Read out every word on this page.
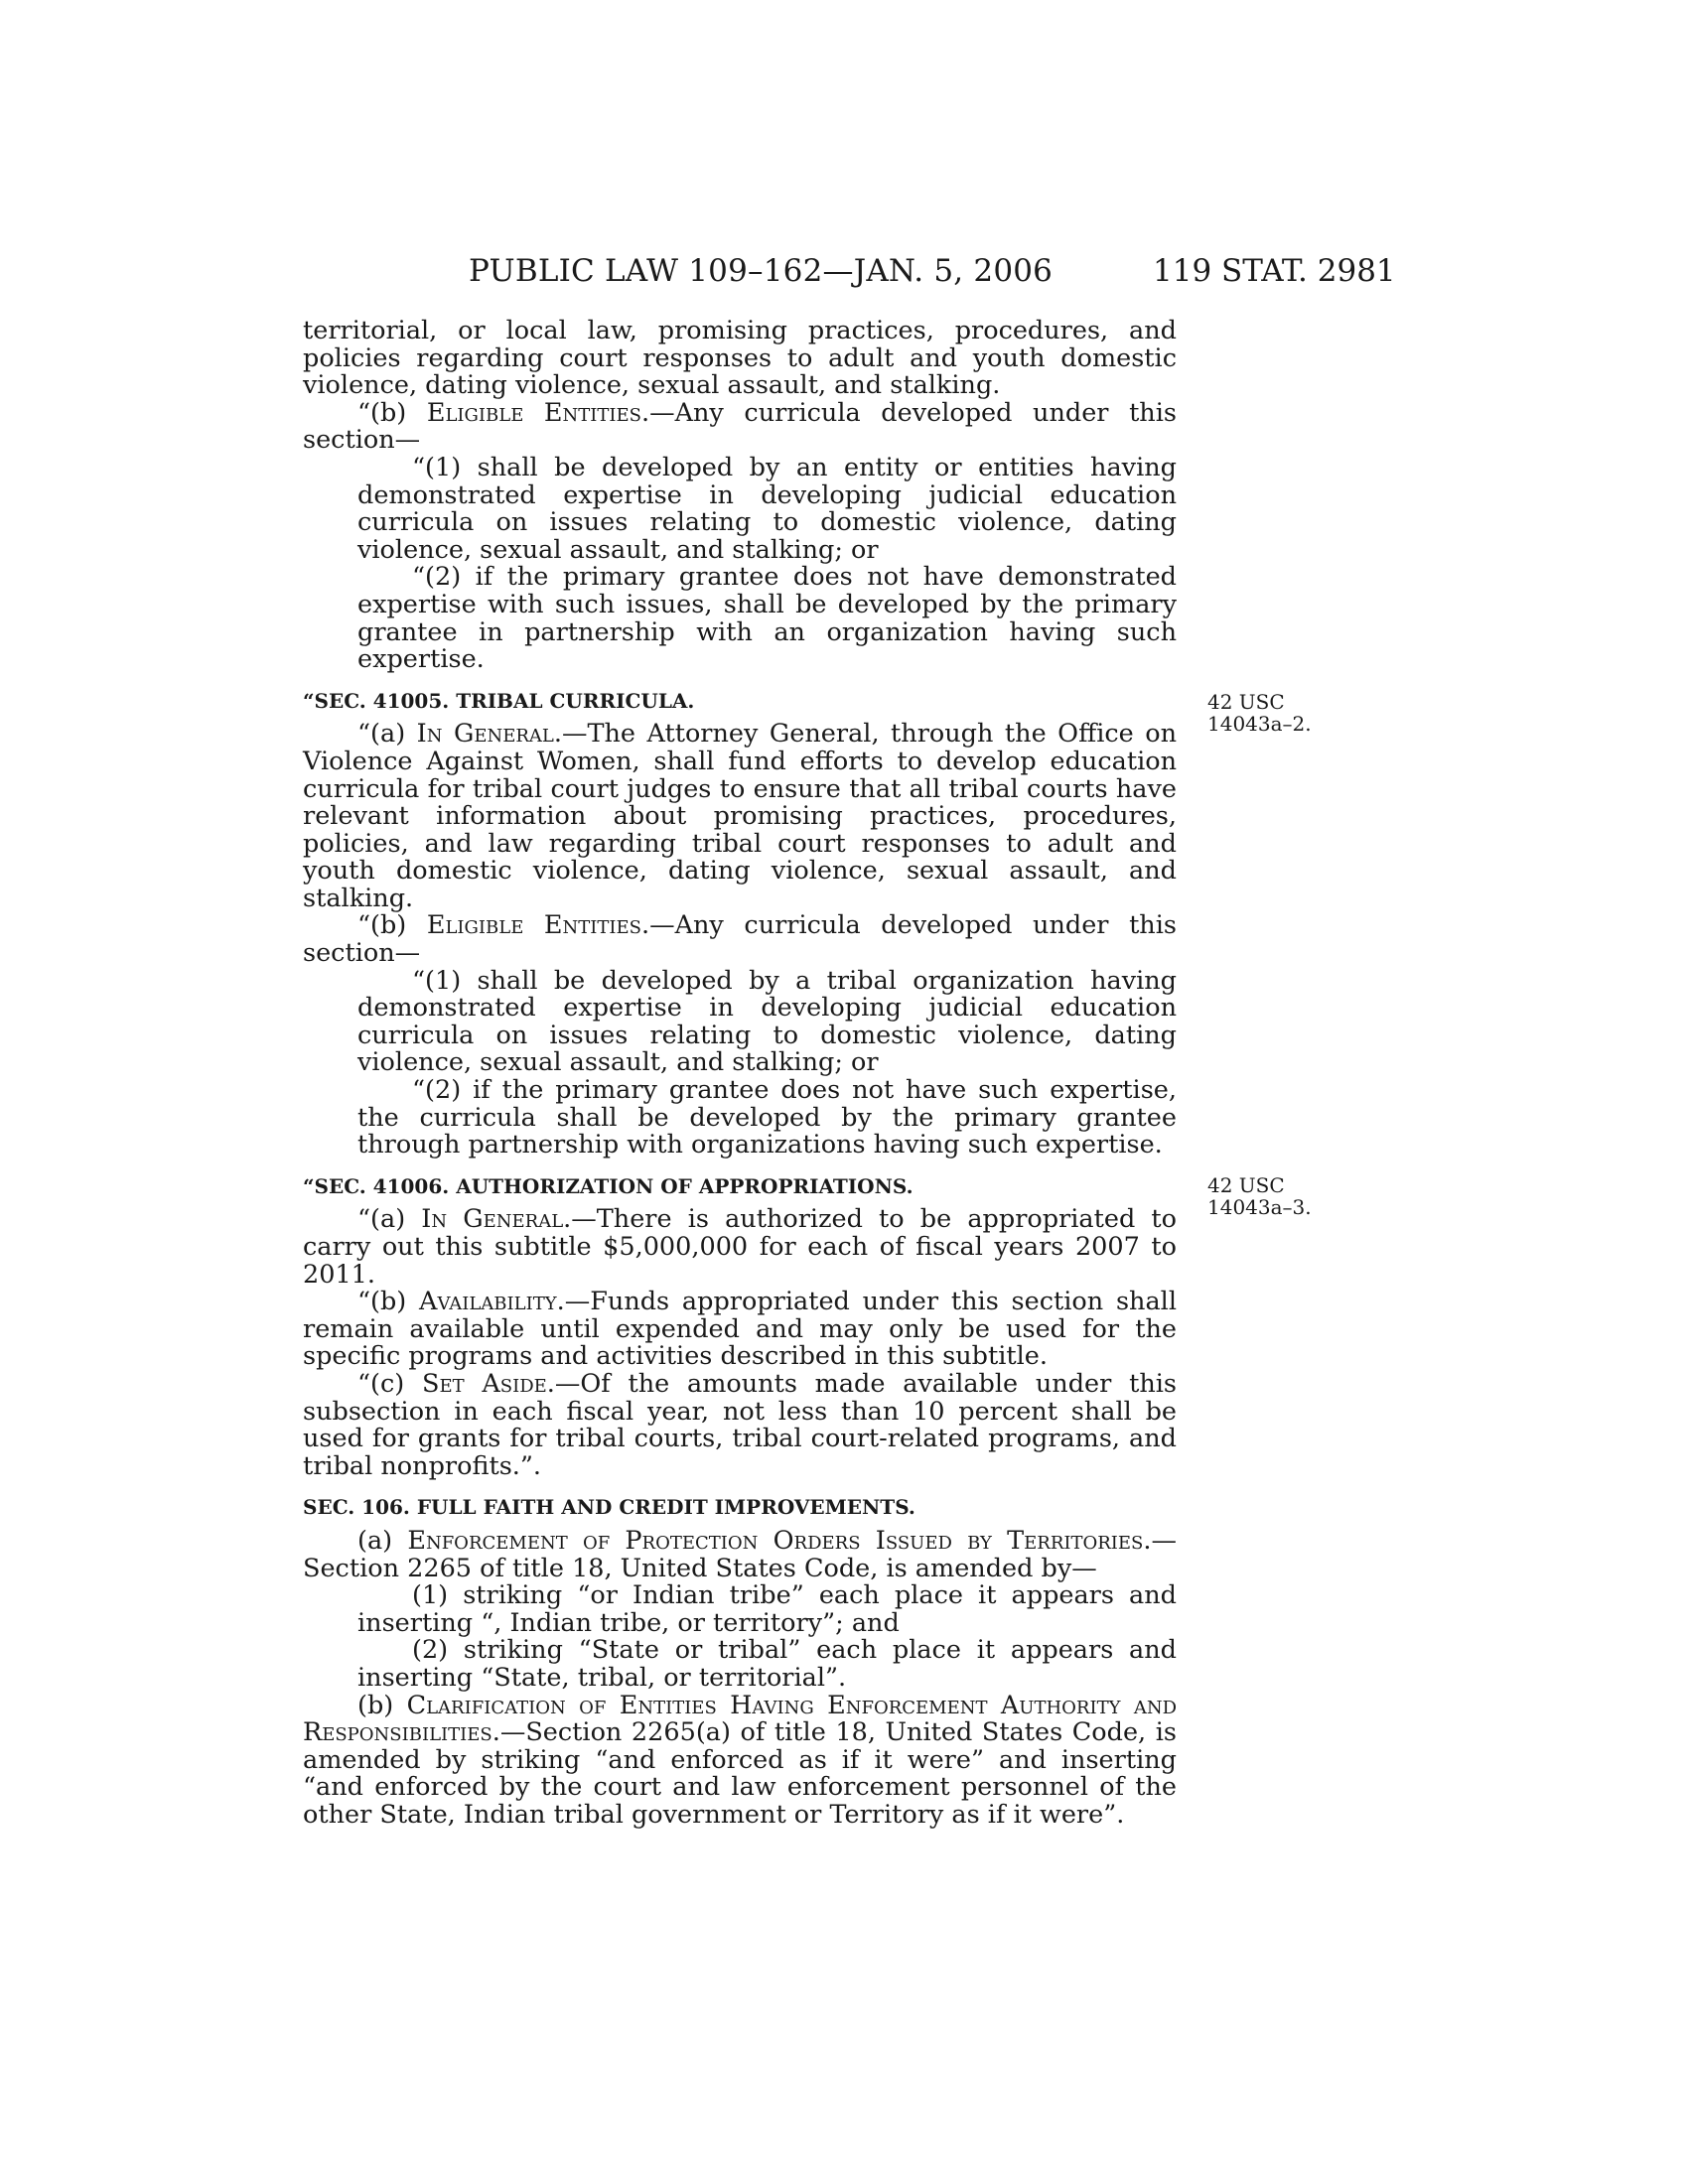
PUBLIC LAW 109–162—JAN. 5, 2006	119 STAT. 2981
42 USC
14043a–2.
42 USC
14043a–3.

territorial, or local law, promising practices, procedures, and policies regarding court responses to adult and youth domestic violence, dating violence, sexual assault, and stalking.

“(b) Eligible Entities.—Any curricula developed under this section—

“(1) shall be developed by an entity or entities having demonstrated expertise in developing judicial education curricula on issues relating to domestic violence, dating violence, sexual assault, and stalking; or

“(2) if the primary grantee does not have demonstrated expertise with such issues, shall be developed by the primary grantee in partnership with an organization having such expertise.

“SEC. 41005. TRIBAL CURRICULA.

“(a) In General.—The Attorney General, through the Office on Violence Against Women, shall fund efforts to develop education curricula for tribal court judges to ensure that all tribal courts have relevant information about promising practices, procedures, policies, and law regarding tribal court responses to adult and youth domestic violence, dating violence, sexual assault, and stalking.

“(b) Eligible Entities.—Any curricula developed under this section—

“(1) shall be developed by a tribal organization having demonstrated expertise in developing judicial education curricula on issues relating to domestic violence, dating violence, sexual assault, and stalking; or

“(2) if the primary grantee does not have such expertise, the curricula shall be developed by the primary grantee through partnership with organizations having such expertise.

“SEC. 41006. AUTHORIZATION OF APPROPRIATIONS.

“(a) In General.—There is authorized to be appropriated to carry out this subtitle $5,000,000 for each of fiscal years 2007 to 2011.

“(b) Availability.—Funds appropriated under this section shall remain available until expended and may only be used for the specific programs and activities described in this subtitle.

“(c) Set Aside.—Of the amounts made available under this subsection in each fiscal year, not less than 10 percent shall be used for grants for tribal courts, tribal court-related programs, and tribal nonprofits.”.

SEC. 106. FULL FAITH AND CREDIT IMPROVEMENTS.

(a) Enforcement of Protection Orders Issued by Territories.—Section 2265 of title 18, United States Code, is amended by—

(1) striking “or Indian tribe” each place it appears and inserting “, Indian tribe, or territory”; and

(2) striking “State or tribal” each place it appears and inserting “State, tribal, or territorial”.

(b) Clarification of Entities Having Enforcement Authority and Responsibilities.—Section 2265(a) of title 18, United States Code, is amended by striking “and enforced as if it were” and inserting “and enforced by the court and law enforcement personnel of the other State, Indian tribal government or Territory as if it were”.
